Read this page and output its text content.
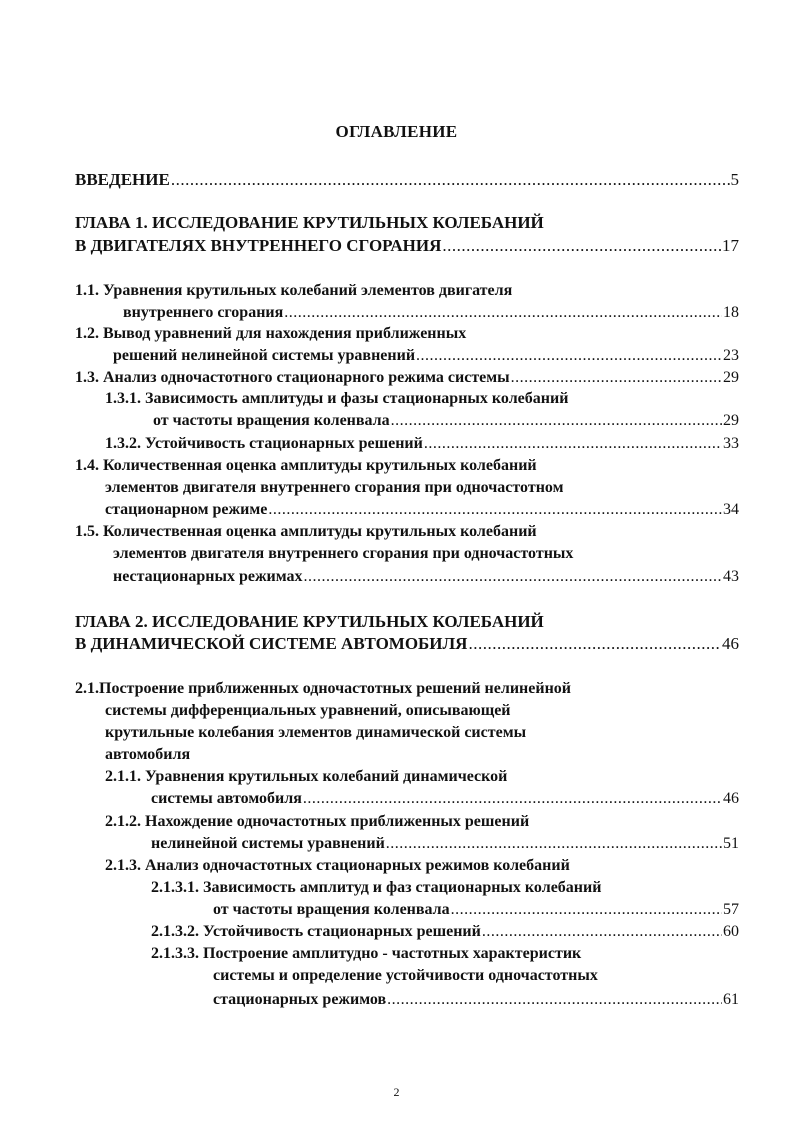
ОГЛАВЛЕНИЕ
ВВЕДЕНИЕ .....	5
ГЛАВА 1. ИССЛЕДОВАНИЕ КРУТИЛЬНЫХ КОЛЕБАНИЙ
В ДВИГАТЕЛЯХ ВНУТРЕННЕГО СГОРАНИЯ .....	17
1.1. Уравнения крутильных колебаний элементов двигателя
внутреннего сгорания .....	18
1.2. Вывод уравнений для нахождения приближенных
решений нелинейной системы уравнений .....	23
1.3. Анализ одночастотного стационарного режима системы .....	29
1.3.1. Зависимость амплитуды и фазы стационарных колебаний
от частоты вращения коленвала .....	29
1.3.2. Устойчивость стационарных решений .....	33
1.4. Количественная оценка амплитуды крутильных колебаний
элементов двигателя внутреннего сгорания при одночастотном
стационарном режиме .....	34
1.5. Количественная оценка амплитуды крутильных колебаний
элементов двигателя внутреннего сгорания при одночастотных
нестационарных режимах .....	43
ГЛАВА 2. ИССЛЕДОВАНИЕ КРУТИЛЬНЫХ КОЛЕБАНИЙ
В ДИНАМИЧЕСКОЙ СИСТЕМЕ АВТОМОБИЛЯ .....	46
2.1.Построение приближенных одночастотных решений нелинейной
системы дифференциальных уравнений, описывающей
крутильные колебания элементов динамической системы
автомобиля
2.1.1. Уравнения крутильных колебаний динамической
системы автомобиля .....	46
2.1.2. Нахождение одночастотных приближенных решений
нелинейной системы уравнений .....	51
2.1.3. Анализ одночастотных стационарных режимов колебаний
2.1.3.1. Зависимость амплитуд и фаз стационарных колебаний
от частоты вращения коленвала .....	57
2.1.3.2. Устойчивость стационарных решений .....	60
2.1.3.3. Построение амплитудно - частотных характеристик
системы и определение устойчивости одночастотных
стационарных режимов .....	61
2
